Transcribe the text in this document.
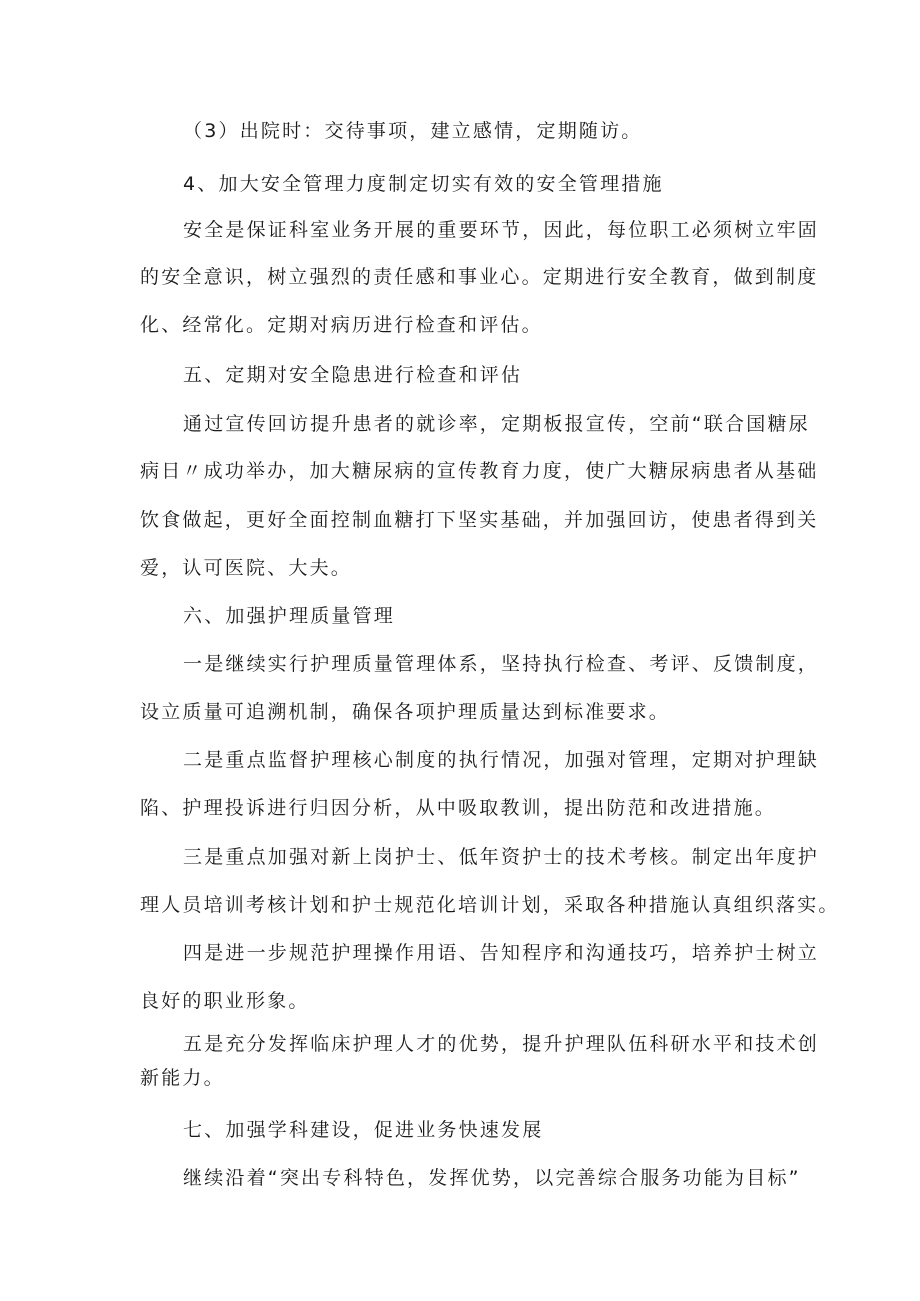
（3）出院时：交待事项，建立感情，定期随访。
4、加大安全管理力度制定切实有效的安全管理措施
安全是保证科室业务开展的重要环节，因此，每位职工必须树立牢固
的安全意识，树立强烈的责任感和事业心。定期进行安全教育，做到制度
化、经常化。定期对病历进行检查和评估。
五、定期对安全隐患进行检查和评估
通过宣传回访提升患者的就诊率，定期板报宣传，空前“联合国糖尿
病日〃成功举办，加大糖尿病的宣传教育力度，使广大糖尿病患者从基础
饮食做起，更好全面控制血糖打下坚实基础，并加强回访，使患者得到关
爱，认可医院、大夫。
六、加强护理质量管理
一是继续实行护理质量管理体系，坚持执行检查、考评、反馈制度，
设立质量可追溯机制，确保各项护理质量达到标准要求。
二是重点监督护理核心制度的执行情况，加强对管理，定期对护理缺
陷、护理投诉进行归因分析，从中吸取教训，提出防范和改进措施。
三是重点加强对新上岗护士、低年资护士的技术考核。制定出年度护
理人员培训考核计划和护士规范化培训计划，采取各种措施认真组织落实。
四是进一步规范护理操作用语、告知程序和沟通技巧，培养护士树立
良好的职业形象。
五是充分发挥临床护理人才的优势，提升护理队伍科研水平和技术创
新能力。
七、加强学科建设，促进业务快速发展
继续沿着“突出专科特色，发挥优势，以完善综合服务功能为目标”
